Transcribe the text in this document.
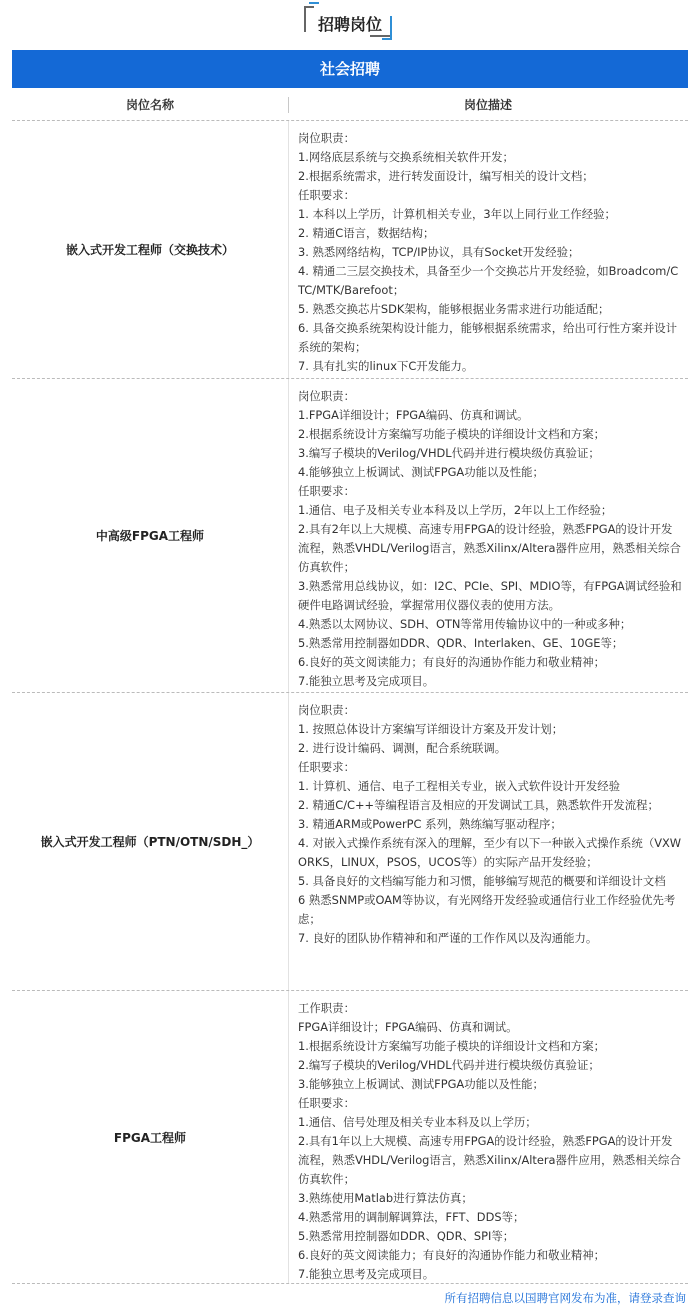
招聘岗位
社会招聘
岗位名称	岗位描述
嵌入式开发工程师（交换技术）
岗位职责：
1.网络底层系统与交换系统相关软件开发；
2.根据系统需求，进行转发面设计，编写相关的设计文档；
任职要求：
1. 本科以上学历，计算机相关专业，3年以上同行业工作经验；
2. 精通C语言，数据结构；
3. 熟悉网络结构，TCP/IP协议，具有Socket开发经验；
4. 精通二三层交换技术，具备至少一个交换芯片开发经验，如Broadcom/CTC/MTK/Barefoot；
5. 熟悉交换芯片SDK架构，能够根据业务需求进行功能适配；
6. 具备交换系统架构设计能力，能够根据系统需求，给出可行性方案并设计系统的架构；
7. 具有扎实的linux下C开发能力。
中高级FPGA工程师
岗位职责：
1.FPGA详细设计；FPGA编码、仿真和调试。
2.根据系统设计方案编写功能子模块的详细设计文档和方案；
3.编写子模块的Verilog/VHDL代码并进行模块级仿真验证；
4.能够独立上板调试、测试FPGA功能以及性能；
任职要求：
1.通信、电子及相关专业本科及以上学历，2年以上工作经验；
2.具有2年以上大规模、高速专用FPGA的设计经验，熟悉FPGA的设计开发流程，熟悉VHDL/Verilog语言，熟悉Xilinx/Altera器件应用，熟悉相关综合仿真软件；
3.熟悉常用总线协议，如：I2C、PCIe、SPI、MDIO等，有FPGA调试经验和硬件电路调试经验，掌握常用仪器仪表的使用方法。
4.熟悉以太网协议、SDH、OTN等常用传输协议中的一种或多种；
5.熟悉常用控制器如DDR、QDR、Interlaken、GE、10GE等；
6.良好的英文阅读能力；有良好的沟通协作能力和敬业精神；
7.能独立思考及完成项目。
嵌入式开发工程师（PTN/OTN/SDH_）
岗位职责：
1. 按照总体设计方案编写详细设计方案及开发计划；
2. 进行设计编码、调测，配合系统联调。
任职要求：
1. 计算机、通信、电子工程相关专业，嵌入式软件设计开发经验
2. 精通C/C++等编程语言及相应的开发调试工具，熟悉软件开发流程；
3. 精通ARM或PowerPC 系列，熟练编写驱动程序；
4. 对嵌入式操作系统有深入的理解，至少有以下一种嵌入式操作系统（VXWORKS，LINUX，PSOS，UCOS等）的实际产品开发经验；
5. 具备良好的文档编写能力和习惯，能够编写规范的概要和详细设计文档
6 熟悉SNMP或OAM等协议，有光网络开发经验或通信行业工作经验优先考虑；
7. 良好的团队协作精神和和严谨的工作作风以及沟通能力。
FPGA工程师
工作职责：
FPGA详细设计；FPGA编码、仿真和调试。
1.根据系统设计方案编写功能子模块的详细设计文档和方案；
2.编写子模块的Verilog/VHDL代码并进行模块级仿真验证；
3.能够独立上板调试、测试FPGA功能以及性能；
任职要求：
1.通信、信号处理及相关专业本科及以上学历；
2.具有1年以上大规模、高速专用FPGA的设计经验，熟悉FPGA的设计开发流程，熟悉VHDL/Verilog语言，熟悉Xilinx/Altera器件应用，熟悉相关综合仿真软件；
3.熟练使用Matlab进行算法仿真；
4.熟悉常用的调制解调算法，FFT、DDS等；
5.熟悉常用控制器如DDR、QDR、SPI等；
6.良好的英文阅读能力；有良好的沟通协作能力和敬业精神；
7.能独立思考及完成项目。
所有招聘信息以国聘官网发布为准，请登录查询
